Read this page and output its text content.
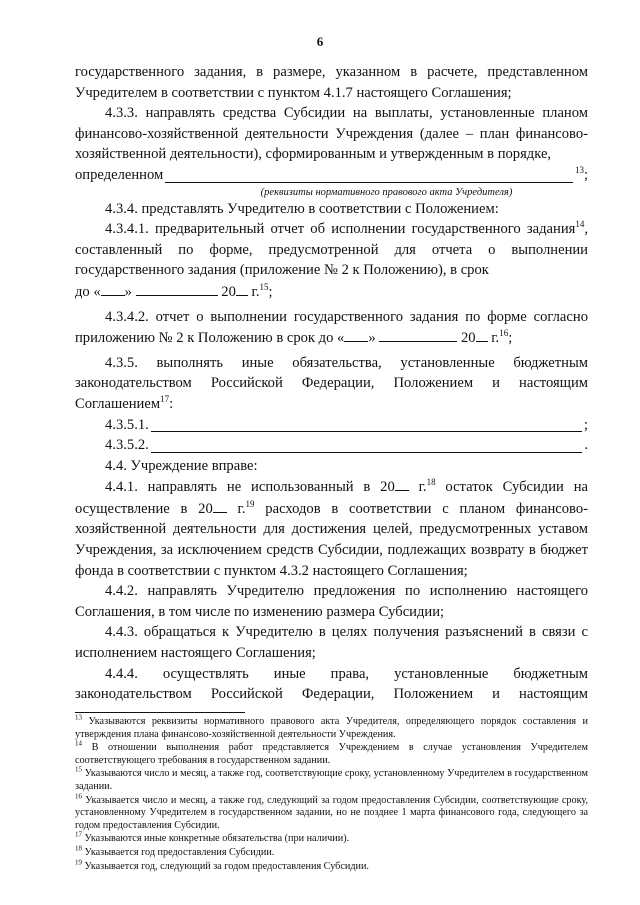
6

государственного задания, в размере, указанном в расчете, представленном Учредителем в соответствии с пунктом 4.1.7 настоящего Соглашения;

4.3.3. направлять средства Субсидии на выплаты, установленные планом финансово-хозяйственной деятельности Учреждения (далее – план финансово-хозяйственной деятельности), сформированным и утвержденным в порядке,

определенном	$^{13}$;
(реквизиты нормативного правового акта Учредителя)

4.3.4. представлять Учредителю в соответствии с Положением:

4.3.4.1. предварительный отчет об исполнении государственного задания$^{14}$, составленный по форме, предусмотренной для отчета о выполнении государственного задания (приложение № 2 к Положению), в срок

до « »	20 г.$^{15}$;

4.3.4.2. отчет о выполнении государственного задания по форме согласно приложению № 2 к Положению в срок до « »	20 г.$^{16}$;

4.3.5. выполнять иные обязательства, установленные бюджетным законодательством Российской Федерации, Положением и настоящим Соглашением$^{17}$:

4.3.5.1.	;
4.3.5.2.	.

4.4. Учреждение вправе:

4.4.1. направлять не использованный в 20 г.$^{18}$ остаток Субсидии на осуществление в 20 г.$^{19}$ расходов в соответствии с планом финансово-хозяйственной деятельности для достижения целей, предусмотренных уставом Учреждения, за исключением средств Субсидии, подлежащих возврату в бюджет фонда в соответствии с пунктом 4.3.2 настоящего Соглашения;

4.4.2. направлять Учредителю предложения по исполнению настоящего Соглашения, в том числе по изменению размера Субсидии;

4.4.3. обращаться к Учредителю в целях получения разъяснений в связи с исполнением настоящего Соглашения;

4.4.4. осуществлять иные права, установленные бюджетным законодательством Российской Федерации, Положением и настоящим

$^{13}$ Указываются реквизиты нормативного правового акта Учредителя, определяющего порядок составления и утверждения плана финансово-хозяйственной деятельности Учреждения.

$^{14}$ В отношении выполнения работ представляется Учреждением в случае установления Учредителем соответствующего требования в государственном задании.

$^{15}$ Указываются число и месяц, а также год, соответствующие сроку, установленному Учредителем в государственном задании.

$^{16}$ Указывается число и месяц, а также год, следующий за годом предоставления Субсидии, соответствующие сроку, установленному Учредителем в государственном задании, но не позднее 1 марта финансового года, следующего за годом предоставления Субсидии.

$^{17}$ Указываются иные конкретные обязательства (при наличии).

$^{18}$ Указывается год предоставления Субсидии.

$^{19}$ Указывается год, следующий за годом предоставления Субсидии.
